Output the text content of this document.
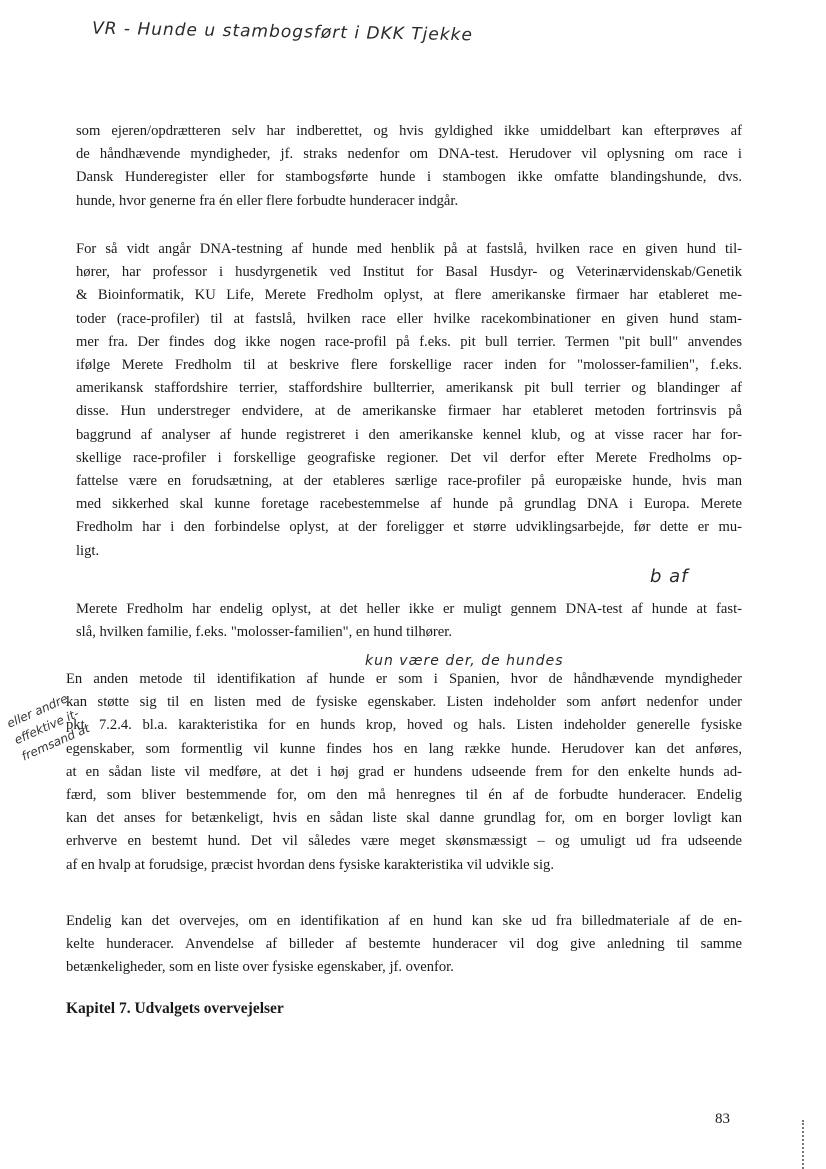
VR - Hunde u stambogsført i DKK Tjekke
som ejeren/opdrætteren selv har indberettet, og hvis gyldighed ikke umiddelbart kan efterprøves af
de håndhævende myndigheder, jf. straks nedenfor om DNA-test. Herudover vil oplysning om race i
Dansk Hunderegister eller for stambogsførte hunde i stambogen ikke omfatte blandingshunde, dvs.
hunde, hvor generne fra én eller flere forbudte hunderacer indgår.
For så vidt angår DNA-testning af hunde med henblik på at fastslå, hvilken race en given hund til-
hører, har professor i husdyrgenetik ved Institut for Basal Husdyr- og Veterinærvidenskab/Genetik
& Bioinformatik, KU Life, Merete Fredholm oplyst, at flere amerikanske firmaer har etableret me-
toder (race-profiler) til at fastslå, hvilken race eller hvilke racekombinationer en given hund stam-
mer fra. Der findes dog ikke nogen race-profil på f.eks. pit bull terrier. Termen "pit bull" anvendes
ifølge Merete Fredholm til at beskrive flere forskellige racer inden for "molosser-familien", f.eks.
amerikansk staffordshire terrier, staffordshire bullterrier, amerikansk pit bull terrier og blandinger af
disse. Hun understreger endvidere, at de amerikanske firmaer har etableret metoden fortrinsvis på
baggrund af analyser af hunde registreret i den amerikanske kennel klub, og at visse racer har for-
skellige race-profiler i forskellige geografiske regioner. Det vil derfor efter Merete Fredholms op-
fattelse være en forudsætning, at der etableres særlige race-profiler på europæiske hunde, hvis man
med sikkerhed skal kunne foretage racebestemmelse af hunde på grundlag DNA i Europa. Merete
Fredholm har i den forbindelse oplyst, at der foreligger et større udviklingsarbejde, før dette er mu-
ligt.
b af
Merete Fredholm har endelig oplyst, at det heller ikke er muligt gennem DNA-test af hunde at fast-
slå, hvilken familie, f.eks. "molosser-familien", en hund tilhører.
kun være der, de hundes
En anden metode til identifikation af hunde er som i Spanien, hvor de håndhævende myndigheder
kan støtte sig til en listen med de fysiske egenskaber. Listen indeholder som anført nedenfor under
pkt. 7.2.4. bl.a. karakteristika for en hunds krop, hoved og hals. Listen indeholder generelle fysiske
egenskaber, som formentlig vil kunne findes hos en lang række hunde. Herudover kan det anføres,
at en sådan liste vil medføre, at det i høj grad er hundens udseende frem for den enkelte hunds ad-
færd, som bliver bestemmende for, om den må henregnes til én af de forbudte hunderacer. Endelig
kan det anses for betænkeligt, hvis en sådan liste skal danne grundlag for, om en borger lovligt kan
erhverve en bestemt hund. Det vil således være meget skønsmæssigt – og umuligt ud fra udseende
af en hvalp at forudsige, præcist hvordan dens fysiske karakteristika vil udvikle sig.
eller andre effektive it-fremsand at
Endelig kan det overvejes, om en identifikation af en hund kan ske ud fra billedmateriale af de en-
kelte hunderacer. Anvendelse af billeder af bestemte hunderacer vil dog give anledning til samme
betænkeligheder, som en liste over fysiske egenskaber, jf. ovenfor.
Kapitel 7. Udvalgets overvejelser
83
